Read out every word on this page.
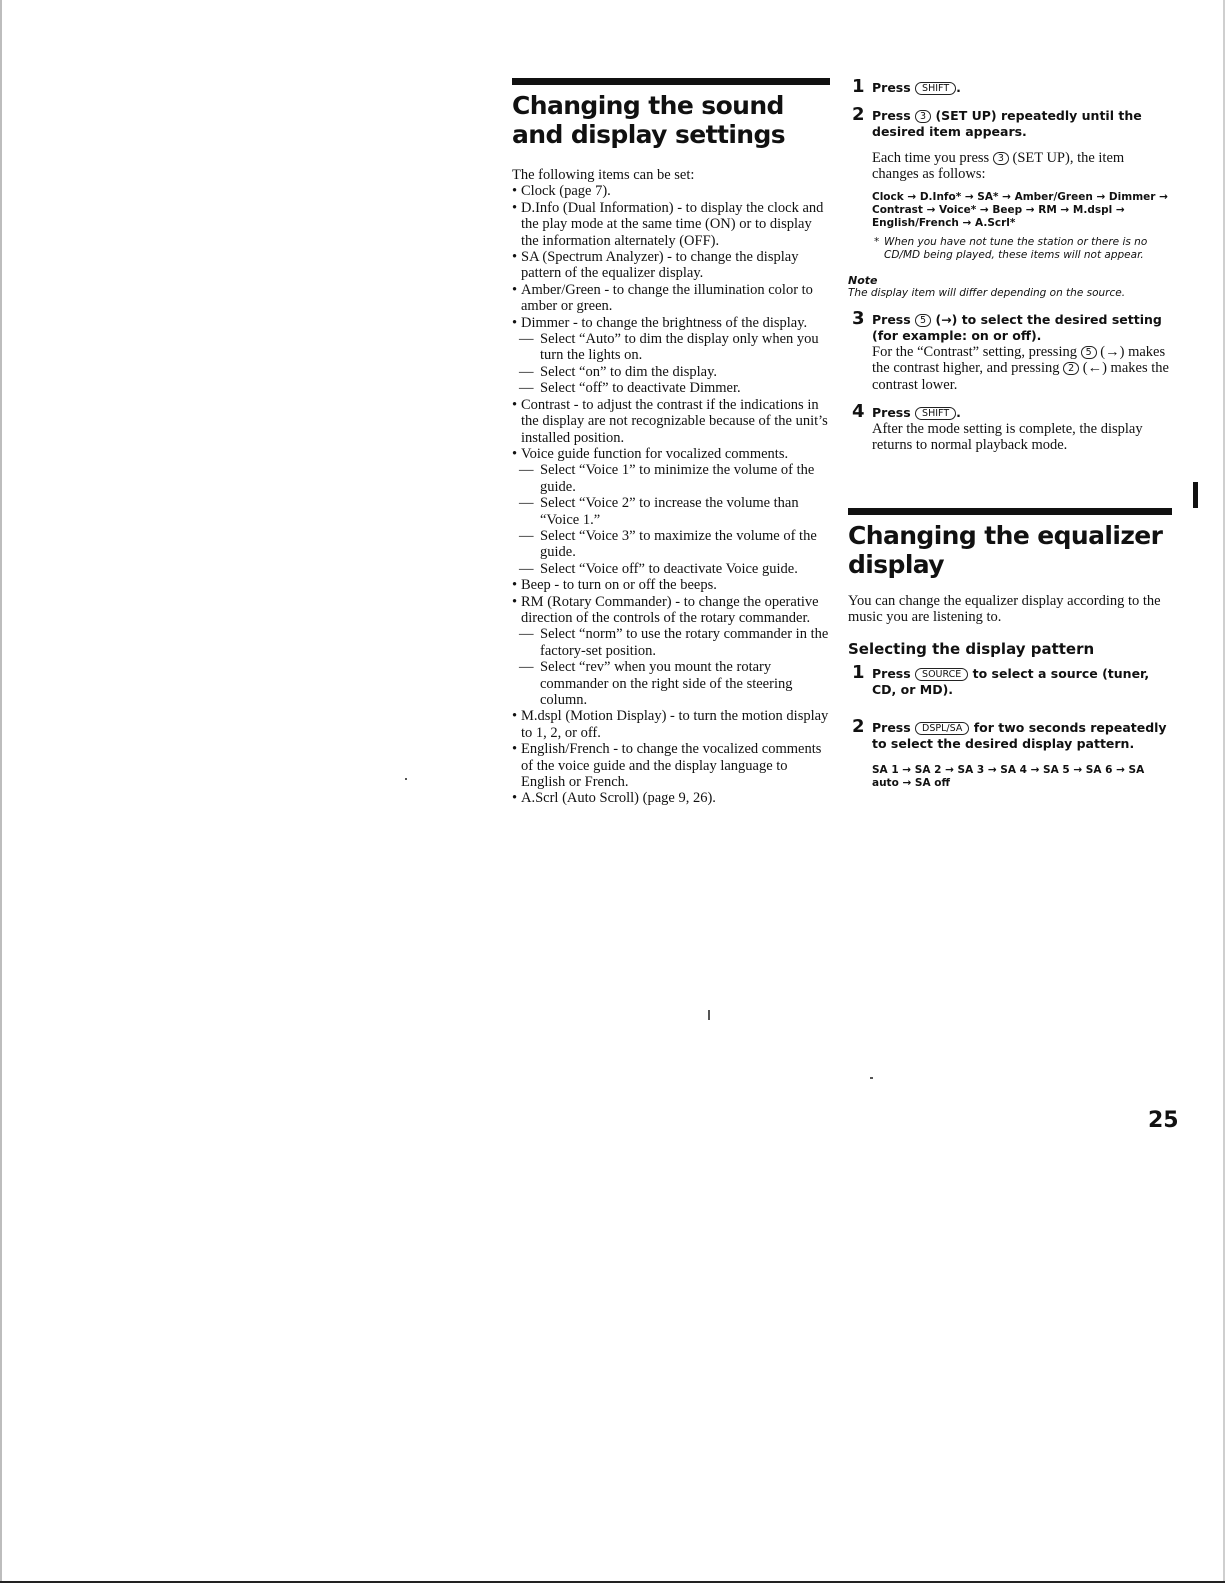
Changing the sound and display settings

The following items can be set:

• Clock (page 7).
• D.Info (Dual Information) - to display the clock and the play mode at the same time (ON) or to display the information alternately (OFF).
• SA (Spectrum Analyzer) - to change the display pattern of the equalizer display.
• Amber/Green - to change the illumination color to amber or green.
• Dimmer - to change the brightness of the display.
— Select “Auto” to dim the display only when you turn the lights on.
— Select “on” to dim the display.
— Select “off” to deactivate Dimmer.
• Contrast - to adjust the contrast if the indications in the display are not recognizable because of the unit’s installed position.
• Voice guide function for vocalized comments.
— Select “Voice 1” to minimize the volume of the guide.
— Select “Voice 2” to increase the volume than “Voice 1.”
— Select “Voice 3” to maximize the volume of the guide.
— Select “Voice off” to deactivate Voice guide.
• Beep - to turn on or off the beeps.
• RM (Rotary Commander) - to change the operative direction of the controls of the rotary commander.
— Select “norm” to use the rotary commander in the factory-set position.
— Select “rev” when you mount the rotary commander on the right side of the steering column.
• M.dspl (Motion Display) - to turn the motion display to 1, 2, or off.
• English/French - to change the vocalized comments of the voice guide and the display language to English or French.
• A.Scrl (Auto Scroll) (page 9, 26).
1 Press SHIFT .
2 Press 3 (SET UP) repeatedly until the desired item appears.
Each time you press 3 (SET UP), the item changes as follows:
Clock → D.Info* → SA* → Amber/Green → Dimmer → Contrast → Voice* → Beep → RM → M.dspl → English/French → A.Scrl*
* When you have not tune the station or there is no CD/MD being played, these items will not appear.
Note
The display item will differ depending on the source.
3 Press 5 (→) to select the desired setting (for example: on or off).
For the “Contrast” setting, pressing 5 (→) makes the contrast higher, and pressing 2 (←) makes the contrast lower.
4 Press SHIFT .
After the mode setting is complete, the display returns to normal playback mode.
Changing the equalizer display

You can change the equalizer display according to the music you are listening to.

Selecting the display pattern
1 Press SOURCE to select a source (tuner, CD, or MD).
2 Press DSPL/SA for two seconds repeatedly to select the desired display pattern.
SA 1 → SA 2 → SA 3 → SA 4 → SA 5 → SA 6 → SA auto → SA off
25
